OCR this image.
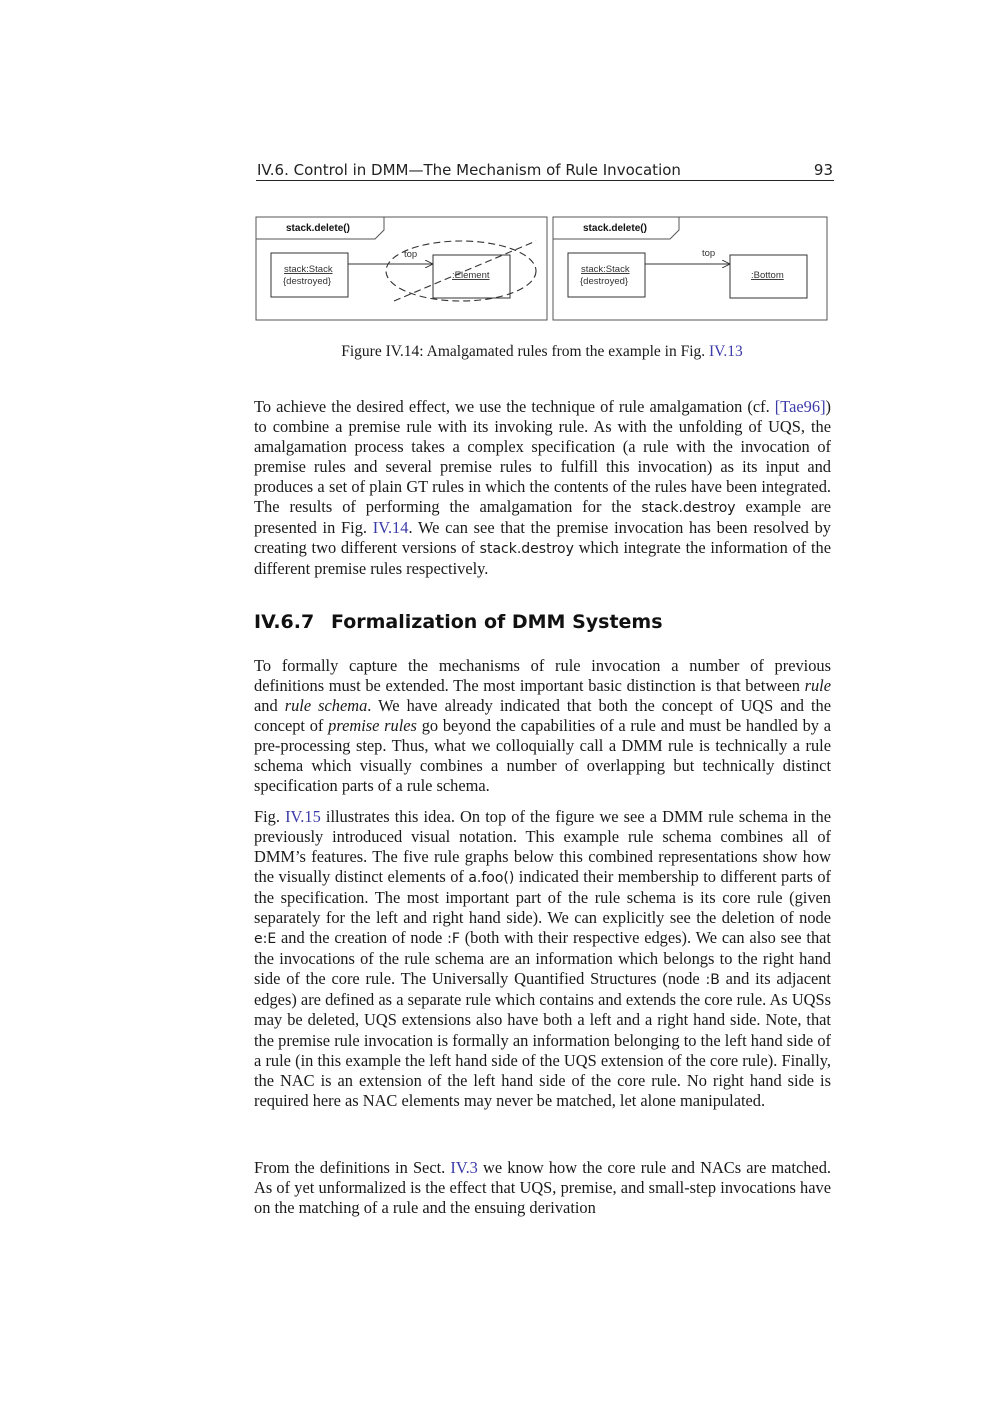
IV.6. Control in DMM—The Mechanism of Rule Invocation	93
stack.delete()
stack:Stack
{destroyed}
top
:Element
stack.delete()
stack:Stack
{destroyed}
top
:Bottom
Figure IV.14: Amalgamated rules from the example in Fig. IV.13

To achieve the desired effect, we use the technique of rule amalgamation (cf. [Tae96]) to combine a premise rule with its invoking rule. As with the unfolding of UQS, the amalgamation process takes a complex specification (a rule with the invocation of premise rules and several premise rules to fulfill this invocation) as its input and produces a set of plain GT rules in which the contents of the rules have been integrated. The results of performing the amalgamation for the stack.destroy example are presented in Fig. IV.14. We can see that the premise invocation has been resolved by creating two different versions of stack.destroy which integrate the information of the different premise rules respectively.

IV.6.7 Formalization of DMM Systems

To formally capture the mechanisms of rule invocation a number of previous definitions must be extended. The most important basic distinction is that between rule and rule schema. We have already indicated that both the concept of UQS and the concept of premise rules go beyond the capabilities of a rule and must be handled by a pre-processing step. Thus, what we colloquially call a DMM rule is technically a rule schema which visually combines a number of overlapping but technically distinct specification parts of a rule schema.

Fig. IV.15 illustrates this idea. On top of the figure we see a DMM rule schema in the previously introduced visual notation. This example rule schema combines all of DMM’s features. The five rule graphs below this combined representations show how the visually distinct elements of a.foo() indicated their membership to different parts of the specification. The most important part of the rule schema is its core rule (given separately for the left and right hand side). We can explicitly see the deletion of node e:E and the creation of node :F (both with their respective edges). We can also see that the invocations of the rule schema are an information which belongs to the right hand side of the core rule. The Universally Quantified Structures (node :B and its adjacent edges) are defined as a separate rule which contains and extends the core rule. As UQSs may be deleted, UQS extensions also have both a left and a right hand side. Note, that the premise rule invocation is formally an information belonging to the left hand side of a rule (in this example the left hand side of the UQS extension of the core rule). Finally, the NAC is an extension of the left hand side of the core rule. No right hand side is required here as NAC elements may never be matched, let alone manipulated.

From the definitions in Sect. IV.3 we know how the core rule and NACs are matched. As of yet unformalized is the effect that UQS, premise, and small-step invocations have on the matching of a rule and the ensuing derivation
